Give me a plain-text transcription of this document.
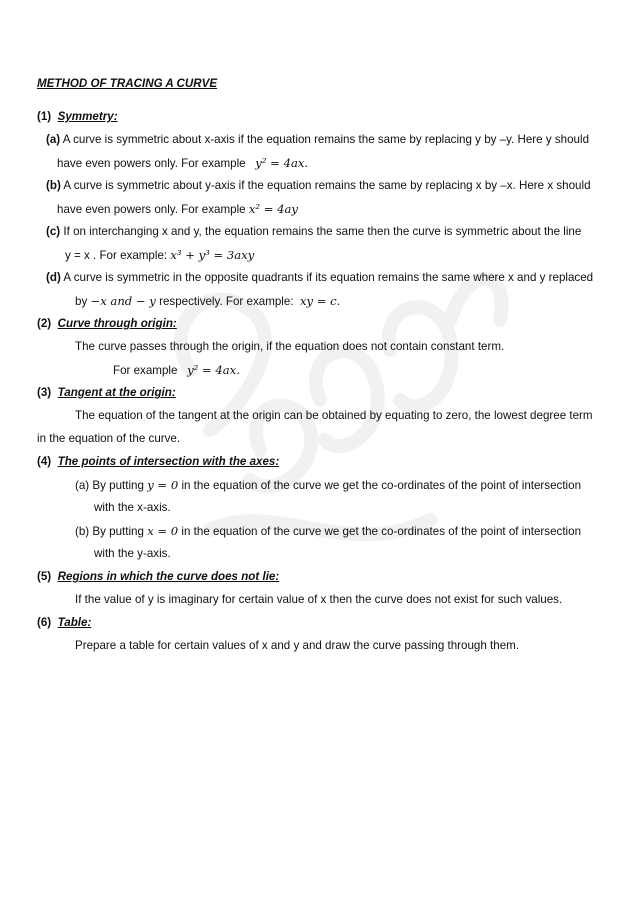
METHOD OF TRACING A CURVE
(1) Symmetry:
(a) A curve is symmetric about x-axis if the equation remains the same by replacing y by –y. Here y should
have even powers only. For example y² = 4ax.
(b) A curve is symmetric about y-axis if the equation remains the same by replacing x by –x. Here x should
have even powers only. For example x² = 4ay
(c) If on interchanging x and y, the equation remains the same then the curve is symmetric about the line
y = x . For example: x³ + y³ = 3axy
(d) A curve is symmetric in the opposite quadrants if its equation remains the same where x and y replaced
by −x and − y respectively. For example: xy = c.
(2) Curve through origin:
The curve passes through the origin, if the equation does not contain constant term.
For example y² = 4ax.
(3) Tangent at the origin:
The equation of the tangent at the origin can be obtained by equating to zero, the lowest degree term
in the equation of the curve.
(4) The points of intersection with the axes:
(a) By putting y = 0 in the equation of the curve we get the co-ordinates of the point of intersection
with the x-axis.
(b) By putting x = 0 in the equation of the curve we get the co-ordinates of the point of intersection
with the y-axis.
(5) Regions in which the curve does not lie:
If the value of y is imaginary for certain value of x then the curve does not exist for such values.
(6) Table:
Prepare a table for certain values of x and y and draw the curve passing through them.
